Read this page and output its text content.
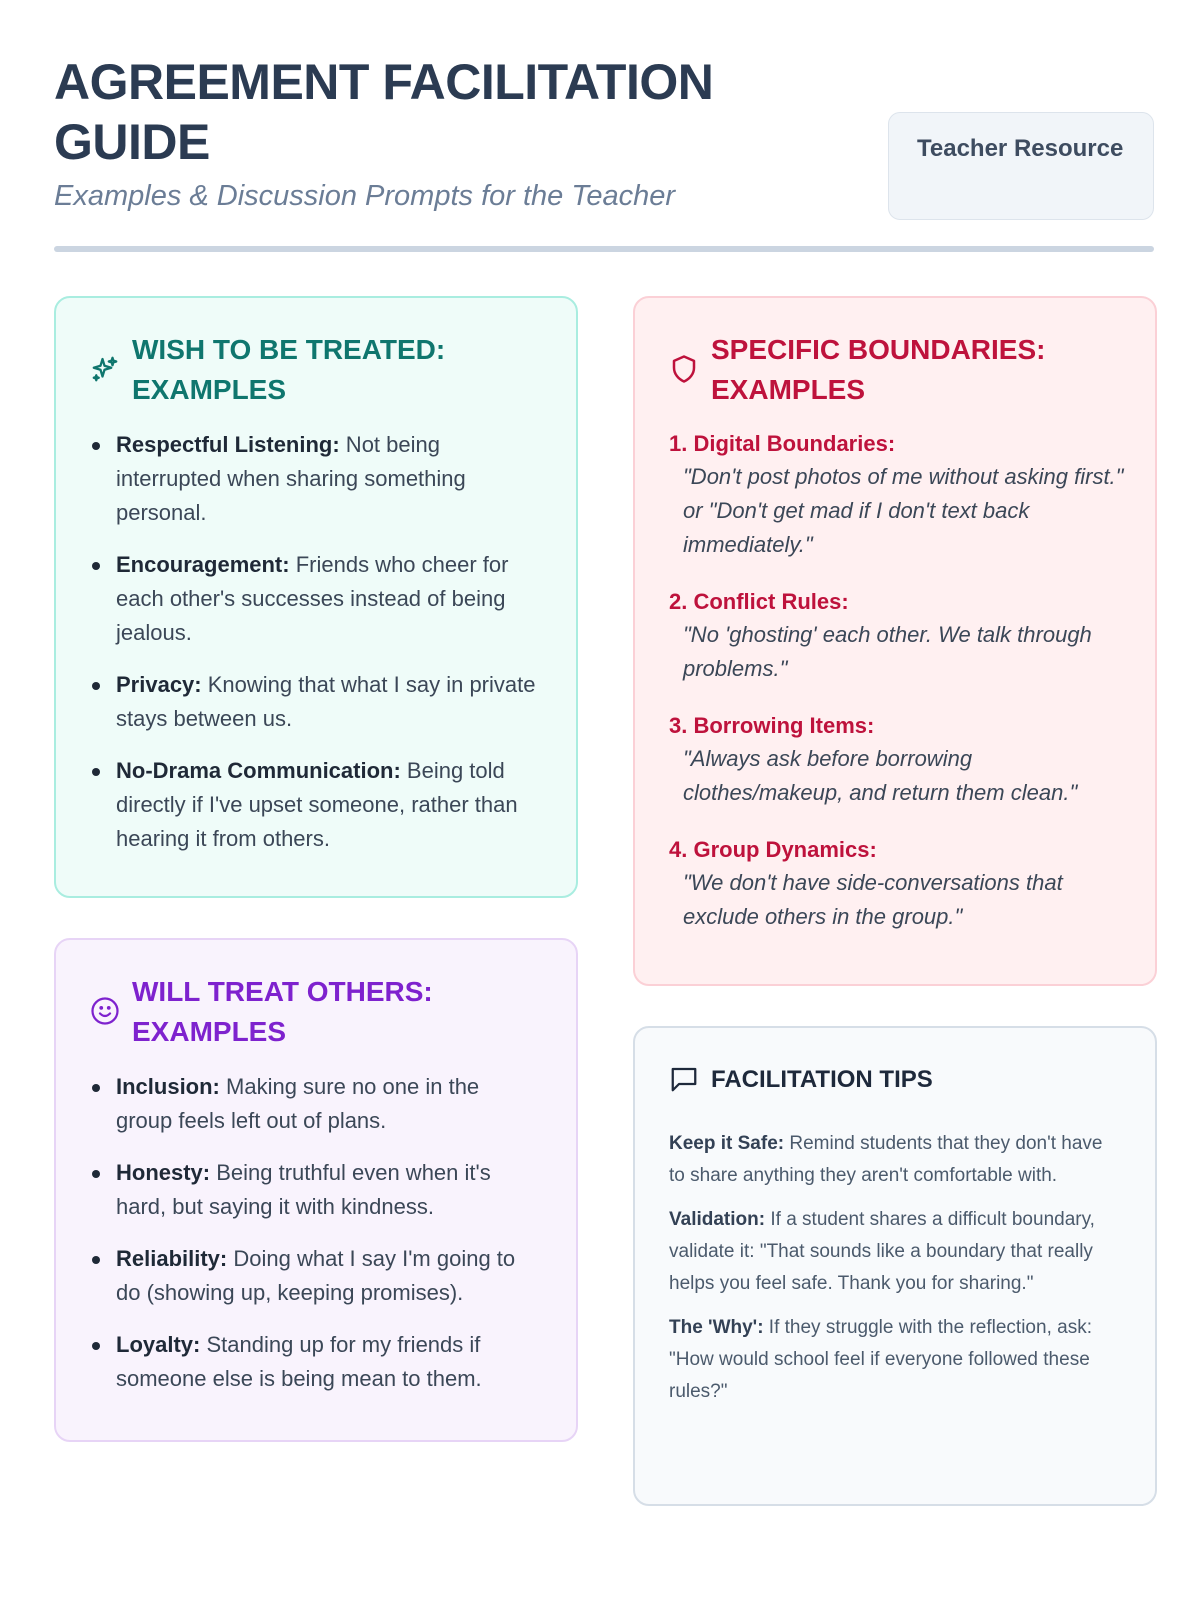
AGREEMENT FACILITATION GUIDE
Examples & Discussion Prompts for the Teacher
Teacher Resource
WISH TO BE TREATED: EXAMPLES
Respectful Listening: Not being interrupted when sharing something personal.
Encouragement: Friends who cheer for each other's successes instead of being jealous.
Privacy: Knowing that what I say in private stays between us.
No-Drama Communication: Being told directly if I've upset someone, rather than hearing it from others.
WILL TREAT OTHERS: EXAMPLES
Inclusion: Making sure no one in the group feels left out of plans.
Honesty: Being truthful even when it's hard, but saying it with kindness.
Reliability: Doing what I say I'm going to do (showing up, keeping promises).
Loyalty: Standing up for my friends if someone else is being mean to them.
SPECIFIC BOUNDARIES: EXAMPLES
1. Digital Boundaries:
"Don't post photos of me without asking first." or "Don't get mad if I don't text back immediately."
2. Conflict Rules:
"No 'ghosting' each other. We talk through problems."
3. Borrowing Items:
"Always ask before borrowing clothes/makeup, and return them clean."
4. Group Dynamics:
"We don't have side-conversations that exclude others in the group."
FACILITATION TIPS

Keep it Safe: Remind students that they don't have to share anything they aren't comfortable with.

Validation: If a student shares a difficult boundary, validate it: "That sounds like a boundary that really helps you feel safe. Thank you for sharing."

The 'Why': If they struggle with the reflection, ask: "How would school feel if everyone followed these rules?"
